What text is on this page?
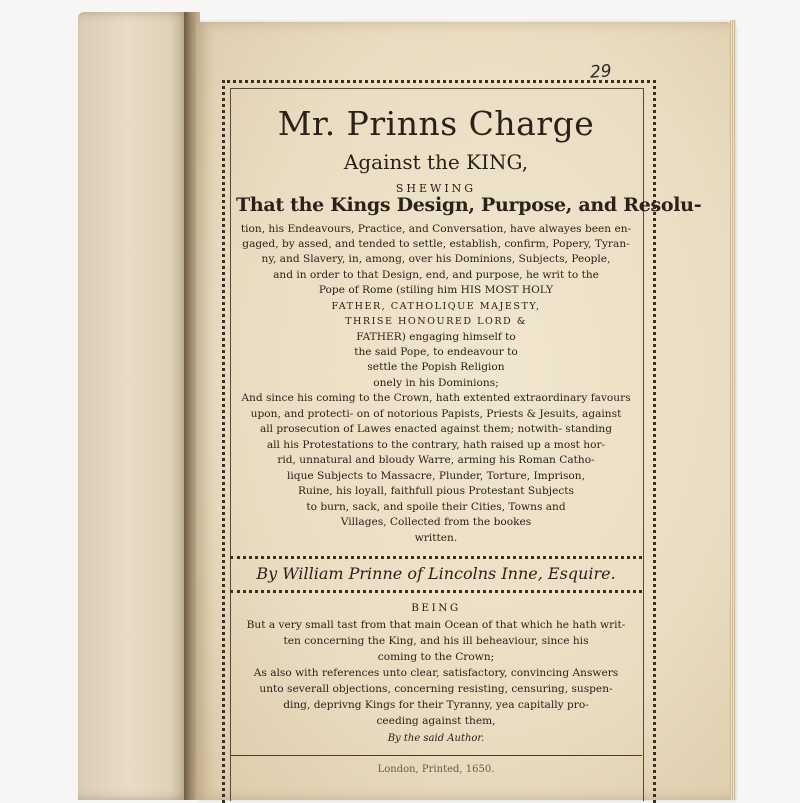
29

Mr. Prinns Charge

Against the KING,

SHEWING

That the Kings Design, Purpose, and Resolu-

tion, his Endeavours, Practice, and Conversation, have alwayes been en-

gaged, by assed, and tended to settle, establish, confirm, Popery, Tyran-

ny, and Slavery, in, among, over his Dominions, Subjects, People,

and in order to that Design, end, and purpose, he writ to the

Pope of Rome (stiling him HIS MOST HOLY

FATHER, CATHOLIQUE MAJESTY,

THRISE HONOURED LORD &

FATHER) engaging himself to

the said Pope, to endeavour to

settle the Popish Religion

onely in his Dominions;

And since his coming to the Crown, hath extented extraordinary favours

upon, and protecti- on of notorious Papists, Priests & Jesuits, against

all prosecution of Lawes enacted against them; notwith- standing

all his Protestations to the contrary, hath raised up a most hor-

rid, unnatural and bloudy Warre, arming his Roman Catho-

lique Subjects to Massacre, Plunder, Torture, Imprison,

Ruine, his loyall, faithfull pious Protestant Subjects

to burn, sack, and spoile their Cities, Towns and

Villages, Collected from the bookes

written.

By William Prinne of Lincolns Inne, Esquire.

BEING

But a very small tast from that main Ocean of that which he hath writ-

ten concerning the King, and his ill beheaviour, since his

coming to the Crown;

As also with references unto clear, satisfactory, convincing Answers

unto severall objections, concerning resisting, censuring, suspen-

ding, deprivng Kings for their Tyranny, yea capitally pro-

ceeding against them,

By the said Author.

London, Printed, 1650.
